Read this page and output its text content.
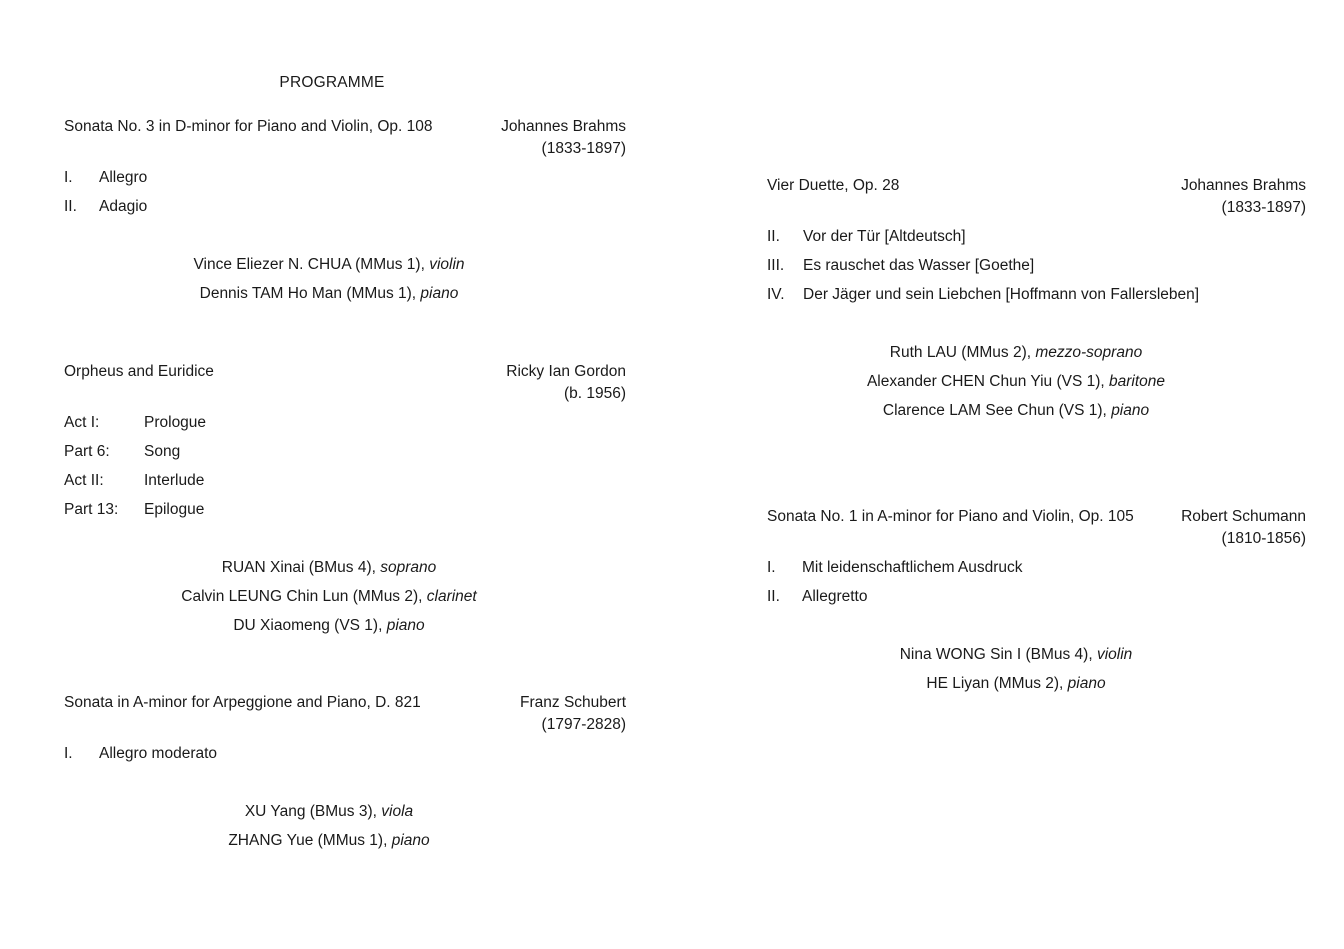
PROGRAMME
Sonata No. 3 in D-minor for Piano and Violin, Op. 108	Johannes Brahms
(1833-1897)
I.	Allegro
II.	Adagio
Vince Eliezer N. CHUA (MMus 1), violin
Dennis TAM Ho Man (MMus 1), piano
Orpheus and Euridice	Ricky Ian Gordon
(b. 1956)
Act I:	Prologue
Part 6:	Song
Act II:	Interlude
Part 13:	Epilogue
RUAN Xinai (BMus 4), soprano
Calvin LEUNG Chin Lun (MMus 2), clarinet
DU Xiaomeng (VS 1), piano
Sonata in A-minor for Arpeggione and Piano, D. 821	Franz Schubert
(1797-2828)
I.	Allegro moderato
XU Yang (BMus 3), viola
ZHANG Yue (MMus 1), piano
Vier Duette, Op. 28	Johannes Brahms
(1833-1897)
II.	Vor der Tür [Altdeutsch]
III.	Es rauschet das Wasser [Goethe]
IV.	Der Jäger und sein Liebchen [Hoffmann von Fallersleben]
Ruth LAU (MMus 2), mezzo-soprano
Alexander CHEN Chun Yiu (VS 1), baritone
Clarence LAM See Chun (VS 1), piano
Sonata No. 1 in A-minor for Piano and Violin, Op. 105	Robert Schumann
(1810-1856)
I.	Mit leidenschaftlichem Ausdruck
II.	Allegretto
Nina WONG Sin I (BMus 4), violin
HE Liyan (MMus 2), piano
